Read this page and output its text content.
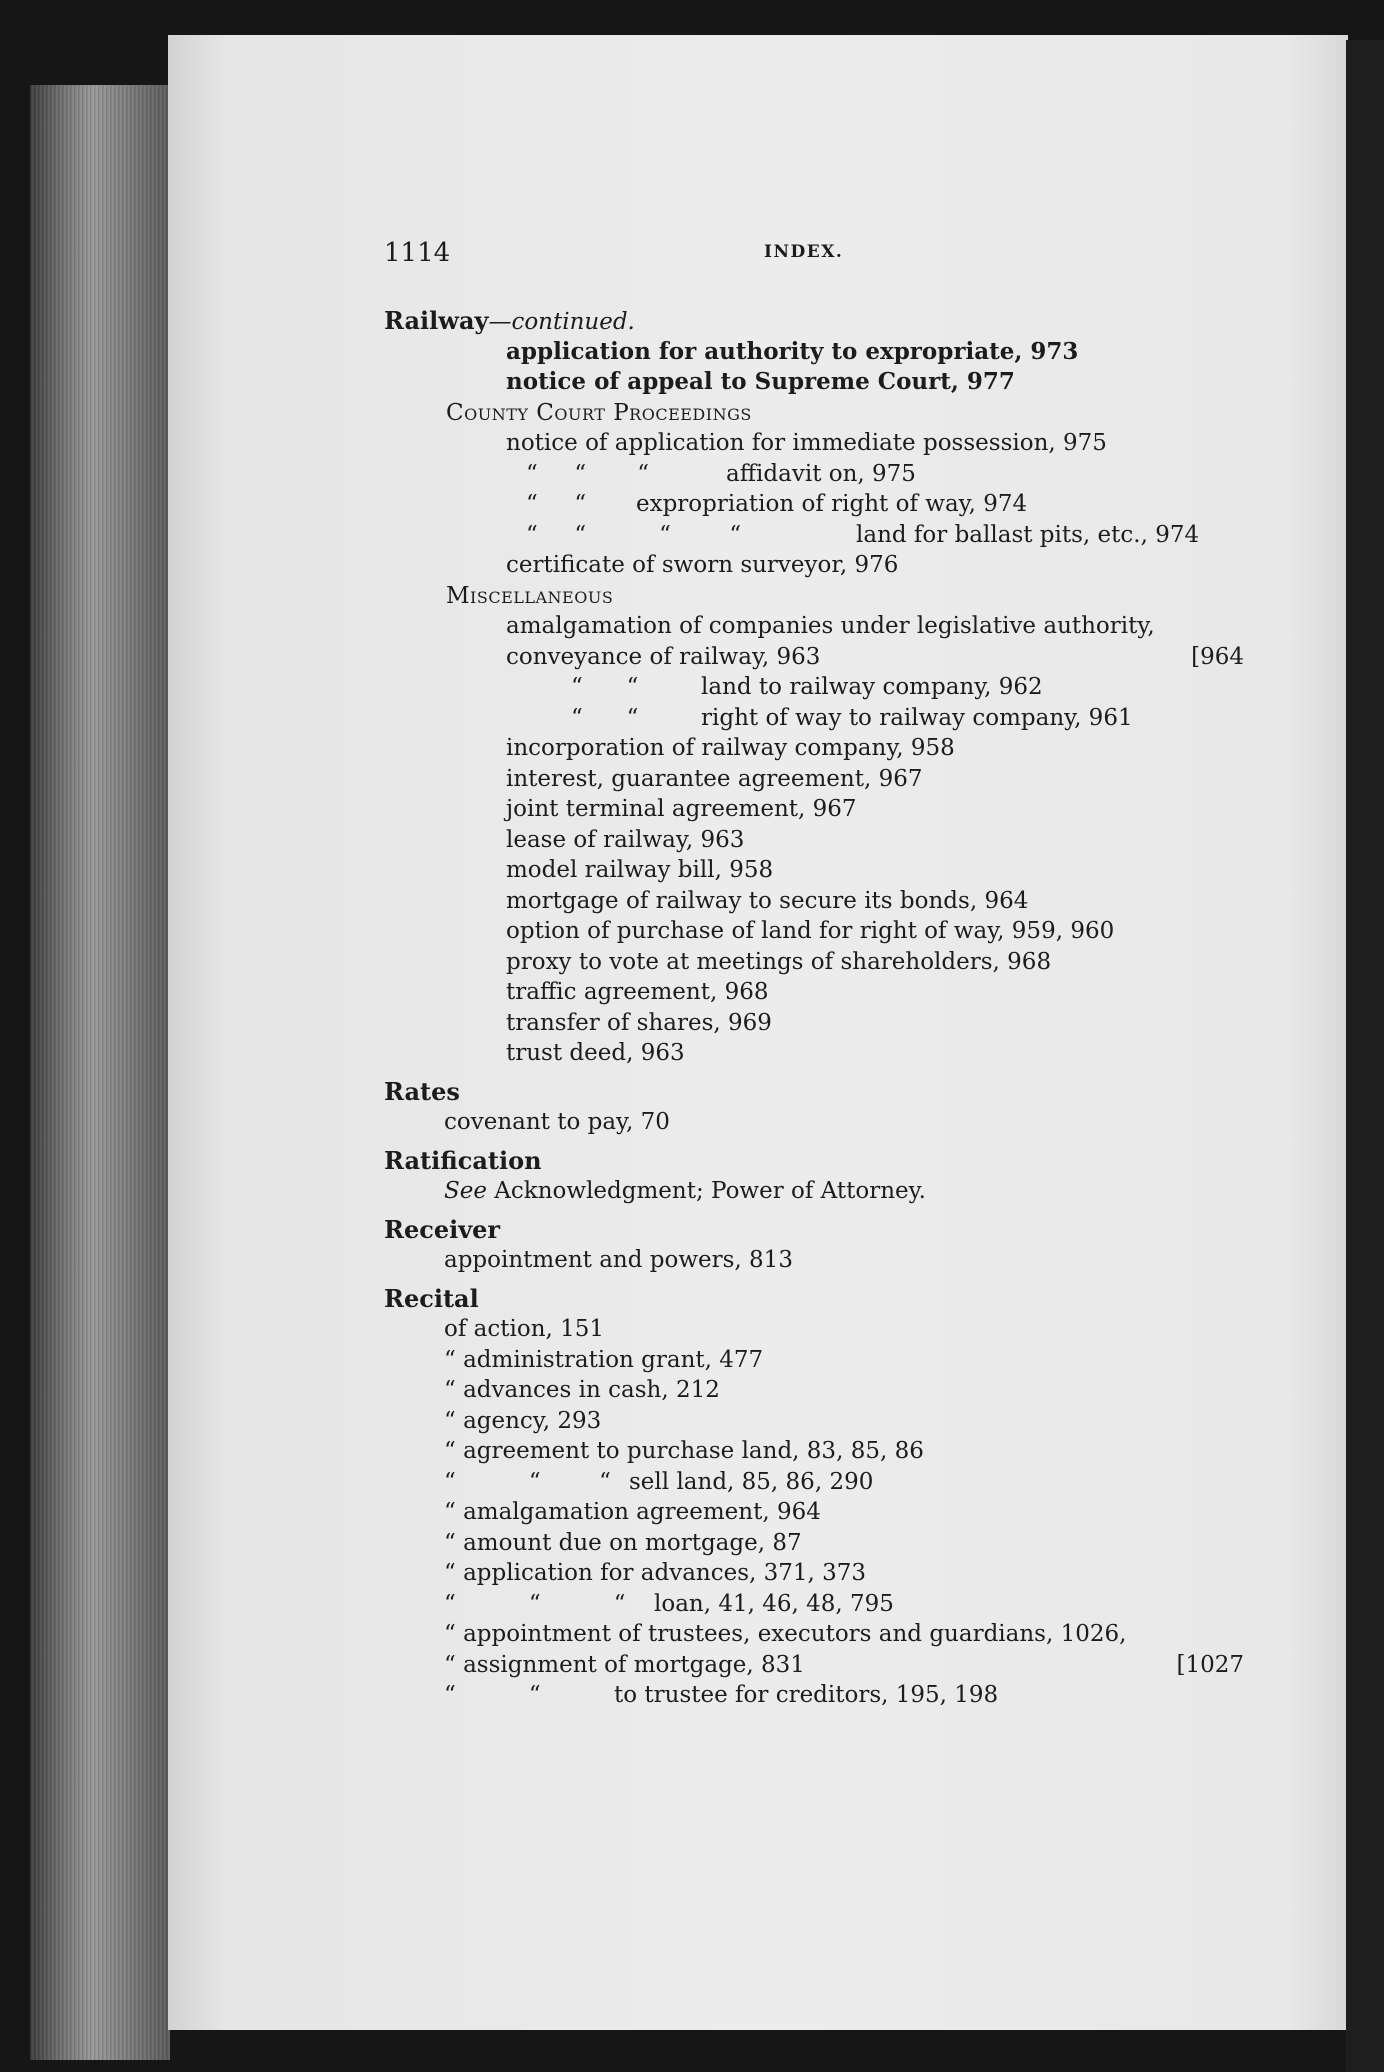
1114	INDEX.
Railway—continued.
application for authority to expropriate, 973
notice of appeal to Supreme Court, 977
County Court Proceedings
notice of application for immediate possession, 975
“     “       “	affidavit on, 975
“     “ expropriation of right of way, 974
“     “          “        “	land for ballast pits, etc., 974
certificate of sworn surveyor, 976
Miscellaneous
amalgamation of companies under legislative authority,
conveyance of railway, 963	[964
“      “	land to railway company, 962
“      “	right of way to railway company, 961
incorporation of railway company, 958
interest, guarantee agreement, 967
joint terminal agreement, 967
lease of railway, 963
model railway bill, 958
mortgage of railway to secure its bonds, 964
option of purchase of land for right of way, 959, 960
proxy to vote at meetings of shareholders, 968
traffic agreement, 968
transfer of shares, 969
trust deed, 963
Rates
covenant to pay, 70
Ratification
See Acknowledgment; Power of Attorney.
Receiver
appointment and powers, 813
Recital
of action, 151
“ administration grant, 477
“ advances in cash, 212
“ agency, 293
“ agreement to purchase land, 83, 85, 86
“          “        “ sell land, 85, 86, 290
“ amalgamation agreement, 964
“ amount due on mortgage, 87
“ application for advances, 371, 373
“          “          “ loan, 41, 46, 48, 795
“ appointment of trustees, executors and guardians, 1026,
“ assignment of mortgage, 831	[1027
“          “	to trustee for creditors, 195, 198
